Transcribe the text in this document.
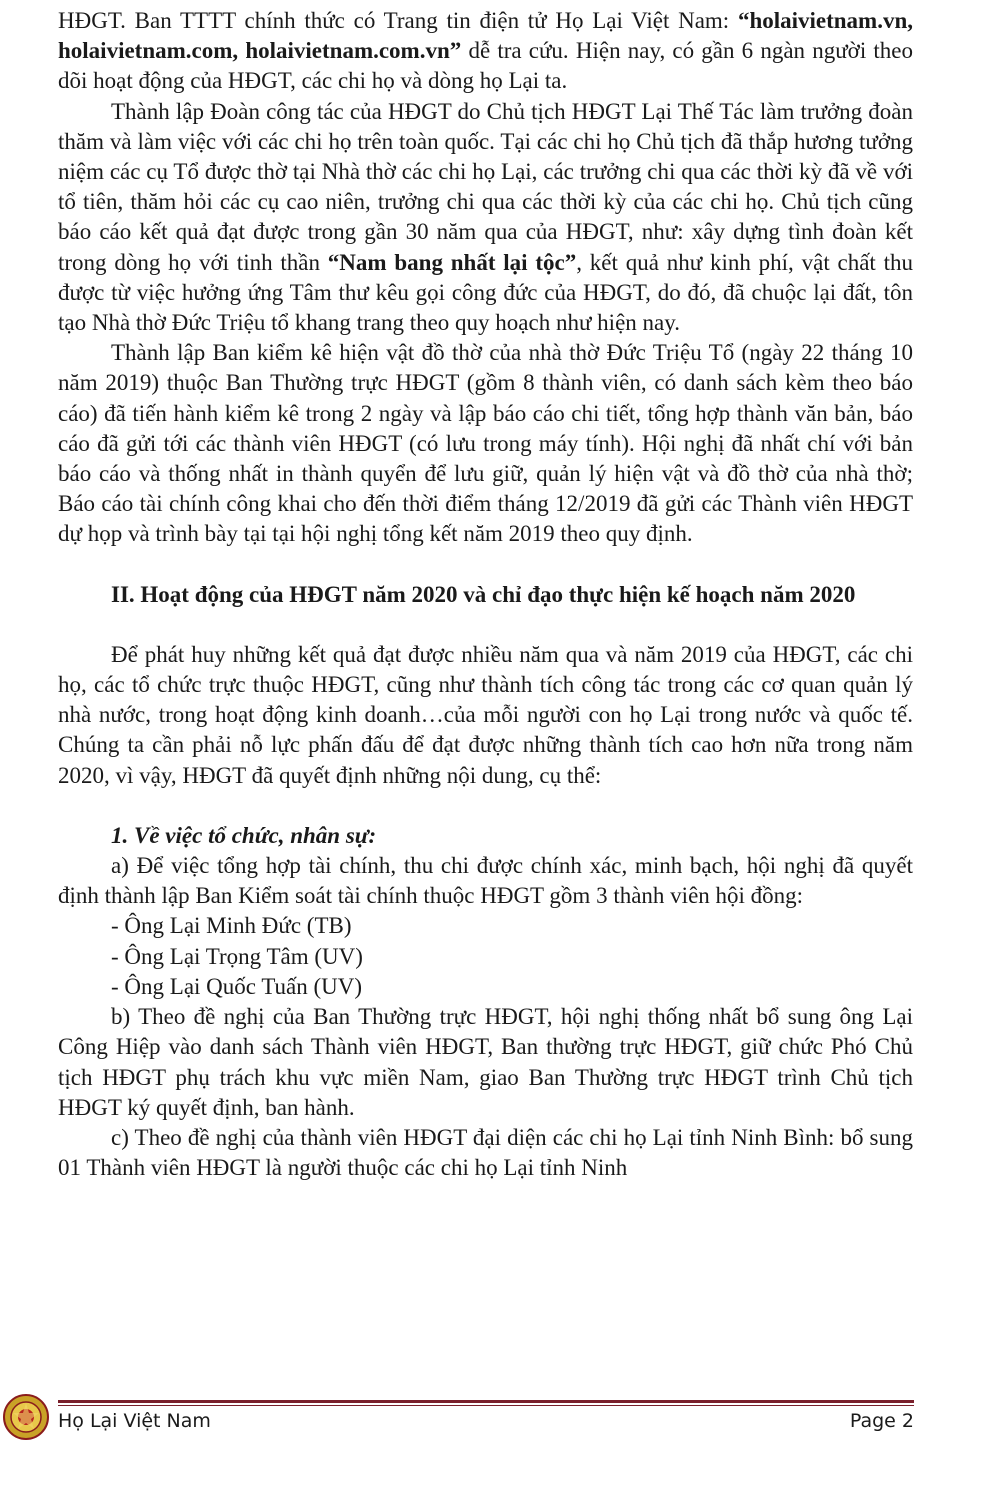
HĐGT. Ban TTTT chính thức có Trang tin điện tử Họ Lại Việt Nam: “holaivietnam.vn, holaivietnam.com, holaivietnam.com.vn” dễ tra cứu. Hiện nay, có gần 6 ngàn người theo dõi hoạt động của HĐGT, các chi họ và dòng họ Lại ta.

Thành lập Đoàn công tác của HĐGT do Chủ tịch HĐGT Lại Thế Tác làm trưởng đoàn thăm và làm việc với các chi họ trên toàn quốc. Tại các chi họ Chủ tịch đã thắp hương tưởng niệm các cụ Tổ được thờ tại Nhà thờ các chi họ Lại, các trưởng chi qua các thời kỳ đã về với tổ tiên, thăm hỏi các cụ cao niên, trưởng chi qua các thời kỳ của các chi họ. Chủ tịch cũng báo cáo kết quả đạt được trong gần 30 năm qua của HĐGT, như: xây dựng tình đoàn kết trong dòng họ với tinh thần “Nam bang nhất lại tộc”, kết quả như kinh phí, vật chất thu được từ việc hưởng ứng Tâm thư kêu gọi công đức của HĐGT, do đó, đã chuộc lại đất, tôn tạo Nhà thờ Đức Triệu tổ khang trang theo quy hoạch như hiện nay.

Thành lập Ban kiểm kê hiện vật đồ thờ của nhà thờ Đức Triệu Tổ (ngày 22 tháng 10 năm 2019) thuộc Ban Thường trực HĐGT (gồm 8 thành viên, có danh sách kèm theo báo cáo) đã tiến hành kiểm kê trong 2 ngày và lập báo cáo chi tiết, tổng hợp thành văn bản, báo cáo đã gửi tới các thành viên HĐGT (có lưu trong máy tính). Hội nghị đã nhất chí với bản báo cáo và thống nhất in thành quyển để lưu giữ, quản lý hiện vật và đồ thờ của nhà thờ; Báo cáo tài chính công khai cho đến thời điểm tháng 12/2019 đã gửi các Thành viên HĐGT dự họp và trình bày tại tại hội nghị tổng kết năm 2019 theo quy định.

II. Hoạt động của HĐGT năm 2020 và chỉ đạo thực hiện kế hoạch năm 2020

Để phát huy những kết quả đạt được nhiều năm qua và năm 2019 của HĐGT, các chi họ, các tổ chức trực thuộc HĐGT, cũng như thành tích công tác trong các cơ quan quản lý nhà nước, trong hoạt động kinh doanh…của mỗi người con họ Lại trong nước và quốc tế. Chúng ta cần phải nỗ lực phấn đấu để đạt được những thành tích cao hơn nữa trong năm 2020, vì vậy, HĐGT đã quyết định những nội dung, cụ thể:

1. Về việc tổ chức, nhân sự:

a) Để việc tổng hợp tài chính, thu chi được chính xác, minh bạch, hội nghị đã quyết định thành lập Ban Kiểm soát tài chính thuộc HĐGT gồm 3 thành viên hội đồng:

- Ông Lại Minh Đức (TB)

- Ông Lại Trọng Tâm (UV)

- Ông Lại Quốc Tuấn (UV)

b) Theo đề nghị của Ban Thường trực HĐGT, hội nghị thống nhất bổ sung ông Lại Công Hiệp vào danh sách Thành viên HĐGT, Ban thường trực HĐGT, giữ chức Phó Chủ tịch HĐGT phụ trách khu vực miền Nam, giao Ban Thường trực HĐGT trình Chủ tịch HĐGT ký quyết định, ban hành.

c) Theo đề nghị của thành viên HĐGT đại diện các chi họ Lại tỉnh Ninh Bình: bổ sung 01 Thành viên HĐGT là người thuộc các chi họ Lại tỉnh Ninh

Họ Lại Việt Nam	Page 2
